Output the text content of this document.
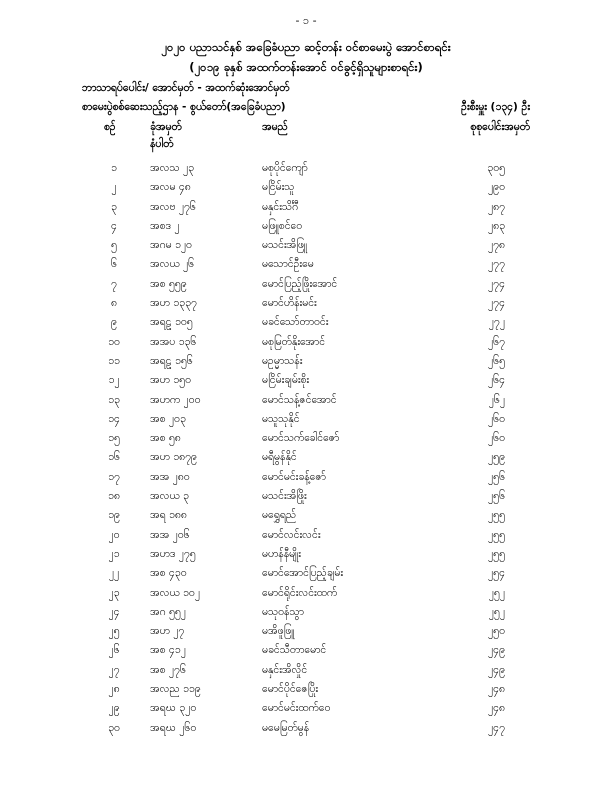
- ၁ -
၂၀၂၀ ပညာသင်နှစ် အခြေခံပညာ ဆင့်တန်း ဝင်စာမေးပွဲ အောင်စာရင်း
(၂၀၁၉ ခုနှစ် အထက်တန်းအောင် ဝင်ခွင့်ရှိသူများစာရင်း)
ဘာသာရပ်ပေါင်း/ အောင်မှတ် - အထက်ဆုံးအောင်မှတ်
စာမေးပွဲစစ်ဆေးသည့်ဌာန - စွယ်တော်(အခြေခံပညာ)	ဦးစီးမှူး (၁၃၄) ဦး
စဉ်	ခုံအမှတ်
နံပါတ်
အမည်	စုစုပေါင်းအမှတ်
၁	အလသ ၂၃	မစုပိုင်ကျော်	၃၀၅
၂	အလမ ၄၈	မငြိမ်းသူ	၂၉၀
၃	အလဗ ၂၇၆	မနှင်းသိင်္ဂီ	၂၈၇
၄	အစဒ ၂	မဖြူစင်ဝေ	၂၈၃
၅	အဂမ ၁၂၀	မသင်းအိဖြူ	၂၇၈
၆	အလယ ၂၆	မသောင်ဦးမေ	၂၇၇
၇	အစ ၅၅၉	မောင်ပြည့်ဖြိုးအောင်	၂၇၄
၈	အဟ ၁၃၃၇	မောင်ဟိန်းမင်း	၂၇၄
၉	အရဠ ၁၀၅	မခင်သော်တာဝင်း	၂၇၂
၁၀	အအပ ၁၃၆	မစုမြတ်နိုးအောင်	၂၆၇
၁၁	အရဠ ၁၅၆	မဥမ္မာသန်း	၂၆၅
၁၂	အဟ ၁၅၀	မငြိမ်းချမ်းစိုး	၂၆၄
၁၃	အဟက ၂၀၀	မောင်သန့်ဇင်အောင်	၂၆၂
၁၄	အစ ၂၀၃	မသူသုနိုင်	၂၆၀
၁၅	အစ ၅၈	မောင်သက်ခေါင်ဇော်	၂၆၀
၁၆	အဟ ၁၈၇၉	မရီမွန်နိုင်	၂၅၉
၁၇	အအ ၂၈၀	မောင်မင်းခန့်ဇော်	၂၅၆
၁၈	အလယ ၃	မသင်းအိဖြိုး	၂၅၆
၁၉	အရ ၁၈၈	မရွှေရည်	၂၅၅
၂၀	အအ ၂၀၆	မောင်လင်းလင်း	၂၅၅
၂၁	အဟဒ ၂၇၅	မဟန်နီမျိုး	၂၅၅
၂၂	အစ ၄၃၀	မောင်အောင်ပြည့်ချမ်း	၂၅၄
၂၃	အလယ ၁၀၂	မောင်ရိုင်းလင်းထက်	၂၅၂
၂၄	အဂ ၅၅၂	မသုဝန်သွာ	၂၅၂
၂၅	အဟ ၂၇	မအိဖူဖြူ	၂၅၀
၂၆	အစ ၄၁၂	မခင်သီတာမောင်	၂၄၉
၂၇	အစ ၂၇၆	မနှင်းအိလှိုင်	၂၄၉
၂၈	အလည ၁၁၉	မောင်ပိုင်ဇေပြိုး	၂၄၈
၂၉	အရဃ ၃၂၀	မောင်မင်းထက်ဝေ	၂၄၈
၃၀	အရဃ ၂၆၀	မမေမြတ်မွန်	၂၄၇
